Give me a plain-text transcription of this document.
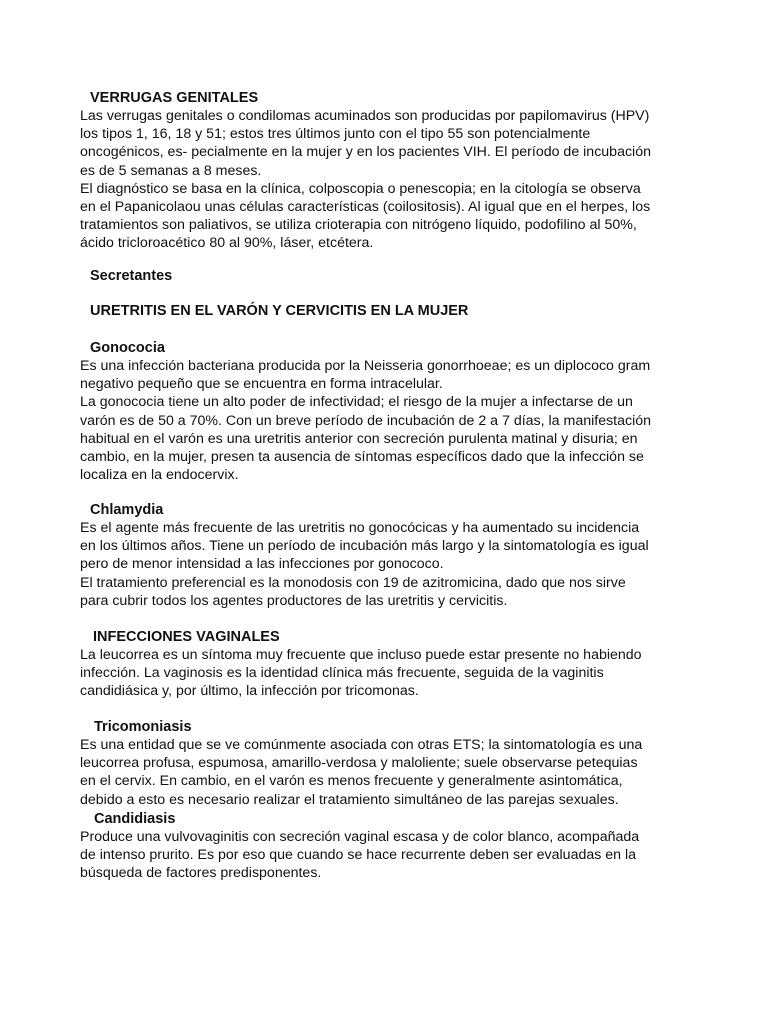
VERRUGAS GENITALES

Las verrugas genitales o condilomas acuminados son producidas por papilomavirus (HPV)

los tipos 1, 16, 18 y 51; estos tres últimos junto con el tipo 55 son potencialmente

oncogénicos, es- pecialmente en la mujer y en los pacientes VIH. El período de incubación

es de 5 semanas a 8 meses.

El diagnóstico se basa en la clínica, colposcopia o penescopia; en la citología se observa

en el Papanicolaou unas células características (coilositosis). Al igual que en el herpes, los

tratamientos son paliativos, se utiliza crioterapia con nitrógeno líquido, podofilino al 50%,

ácido tricloroacético 80 al 90%, láser, etcétera.

Secretantes
URETRITIS EN EL VARÓN Y CERVICITIS EN LA MUJER
Gonococia

Es una infección bacteriana producida por la Neisseria gonorrhoeae; es un diplococo gram

negativo pequeño que se encuentra en forma intracelular.

La gonococia tiene un alto poder de infectividad; el riesgo de la mujer a infectarse de un

varón es de 50 a 70%. Con un breve período de incubación de 2 a 7 días, la manifestación

habitual en el varón es una uretritis anterior con secreción purulenta matinal y disuria; en

cambio, en la mujer, presen ta ausencia de síntomas específicos dado que la infección se

localiza en la endocervix.

Chlamydia

Es el agente más frecuente de las uretritis no gonocócicas y ha aumentado su incidencia

en los últimos años. Tiene un período de incubación más largo y la sintomatología es igual

pero de menor intensidad a las infecciones por gonococo.

El tratamiento preferencial es la monodosis con 19 de azitromicina, dado que nos sirve

para cubrir todos los agentes productores de las uretritis y cervicitis.

INFECCIONES VAGINALES

La leucorrea es un síntoma muy frecuente que incluso puede estar presente no habiendo

infección. La vaginosis es la identidad clínica más frecuente, seguida de la vaginitis

candidiásica y, por último, la infección por tricomonas.

Tricomoniasis

Es una entidad que se ve comúnmente asociada con otras ETS; la sintomatología es una

leucorrea profusa, espumosa, amarillo-verdosa y maloliente; suele observarse petequias

en el cervix. En cambio, en el varón es menos frecuente y generalmente asintomática,

debido a esto es necesario realizar el tratamiento simultáneo de las parejas sexuales.

Candidiasis

Produce una vulvovaginitis con secreción vaginal escasa y de color blanco, acompañada

de intenso prurito. Es por eso que cuando se hace recurrente deben ser evaluadas en la

búsqueda de factores predisponentes.
